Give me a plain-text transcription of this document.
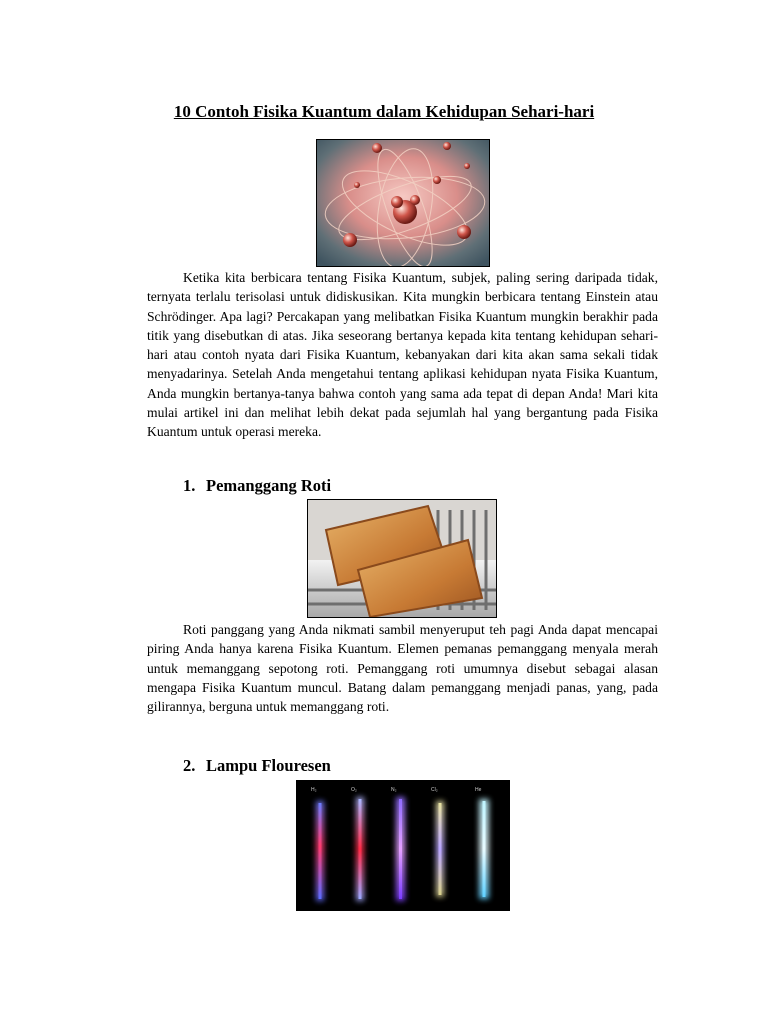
10 Contoh Fisika Kuantum dalam Kehidupan Sehari-hari

Ketika kita berbicara tentang Fisika Kuantum, subjek, paling sering daripada tidak, ternyata terlalu terisolasi untuk didiskusikan. Kita mungkin berbicara tentang Einstein atau Schrödinger. Apa lagi? Percakapan yang melibatkan Fisika Kuantum mungkin berakhir pada titik yang disebutkan di atas. Jika seseorang bertanya kepada kita tentang kehidupan sehari-hari atau contoh nyata dari Fisika Kuantum, kebanyakan dari kita akan sama sekali tidak menyadarinya. Setelah Anda mengetahui tentang aplikasi kehidupan nyata Fisika Kuantum, Anda mungkin bertanya-tanya bahwa contoh yang sama ada tepat di depan Anda! Mari kita mulai artikel ini dan melihat lebih dekat pada sejumlah hal yang bergantung pada Fisika Kuantum untuk operasi mereka.

1. Pemanggang Roti

Roti panggang yang Anda nikmati sambil menyeruput teh pagi Anda dapat mencapai piring Anda hanya karena Fisika Kuantum. Elemen pemanas pemanggang menyala merah untuk memanggang sepotong roti. Pemanggang roti umumnya disebut sebagai alasan mengapa Fisika Kuantum muncul. Batang dalam pemanggang menjadi panas, yang, pada gilirannya, berguna untuk memanggang roti.

2. Lampu Flouresen
H₂	O₂	N₂	Cl₂	He
